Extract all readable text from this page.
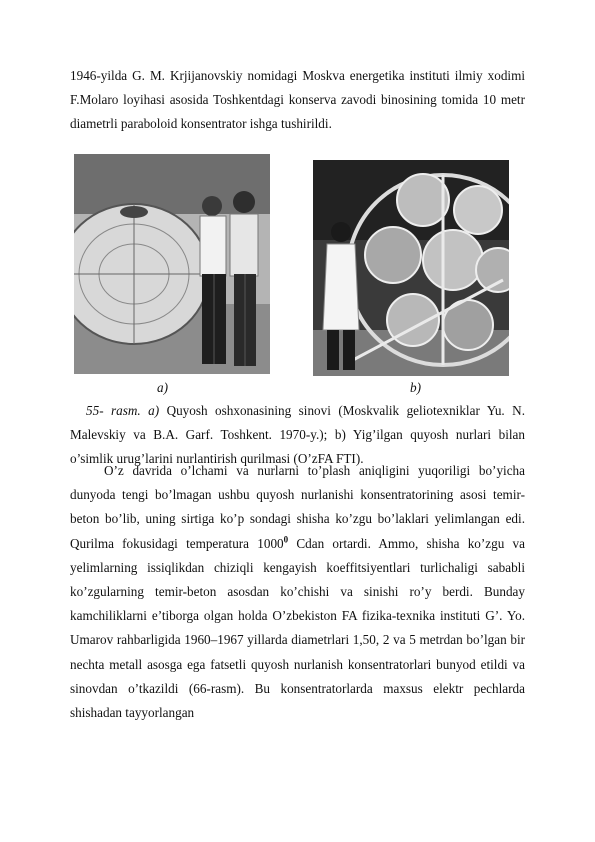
1946-yilda G. M. Krjijanovskiy nomidagi Moskva energetika instituti ilmiy xodimi F.Molaro loyihasi asosida Toshkentdagi konserva zavodi binosining tomida 10 metr diametrli paraboloid konsentrator ishga tushirildi.
a)	b)
55- rasm. a) Quyosh oshxonasining sinovi (Moskvalik geliotexniklar Yu. N. Malevskiy va B.A. Garf. Toshkent. 1970-y.); b) Yig’ilgan quyosh nurlari bilan o’simlik urug’larini nurlantirish qurilmasi (O’zFA FTI).
O’z davrida o’lchami va nurlarni to’plash aniqligini yuqoriligi bo’yicha dunyoda tengi bo’lmagan ushbu quyosh nurlanishi konsentratorining asosi temir-beton bo’lib, uning sirtiga ko’p sondagi shisha ko’zgu bo’laklari yelimlangan edi. Qurilma fokusidagi temperatura 1000$^0$ Cdan ortardi. Ammo, shisha ko’zgu va yelimlarning issiqlikdan chiziqli kengayish koeffitsiyentlari turlichaligi sababli ko’zgularning temir-beton asosdan ko’chishi va sinishi ro’y berdi. Bunday kamchiliklarni e’tiborga olgan holda O’zbekiston FA fizika-texnika instituti G’. Yo. Umarov rahbarligida 1960–1967 yillarda diametrlari 1,50, 2 va 5 metrdan bo’lgan bir nechta metall asosga ega fatsetli quyosh nurlanish konsentratorlari bunyod etildi va sinovdan o’tkazildi (66-rasm). Bu konsentratorlarda maxsus elektr pechlarda shishadan tayyorlangan
